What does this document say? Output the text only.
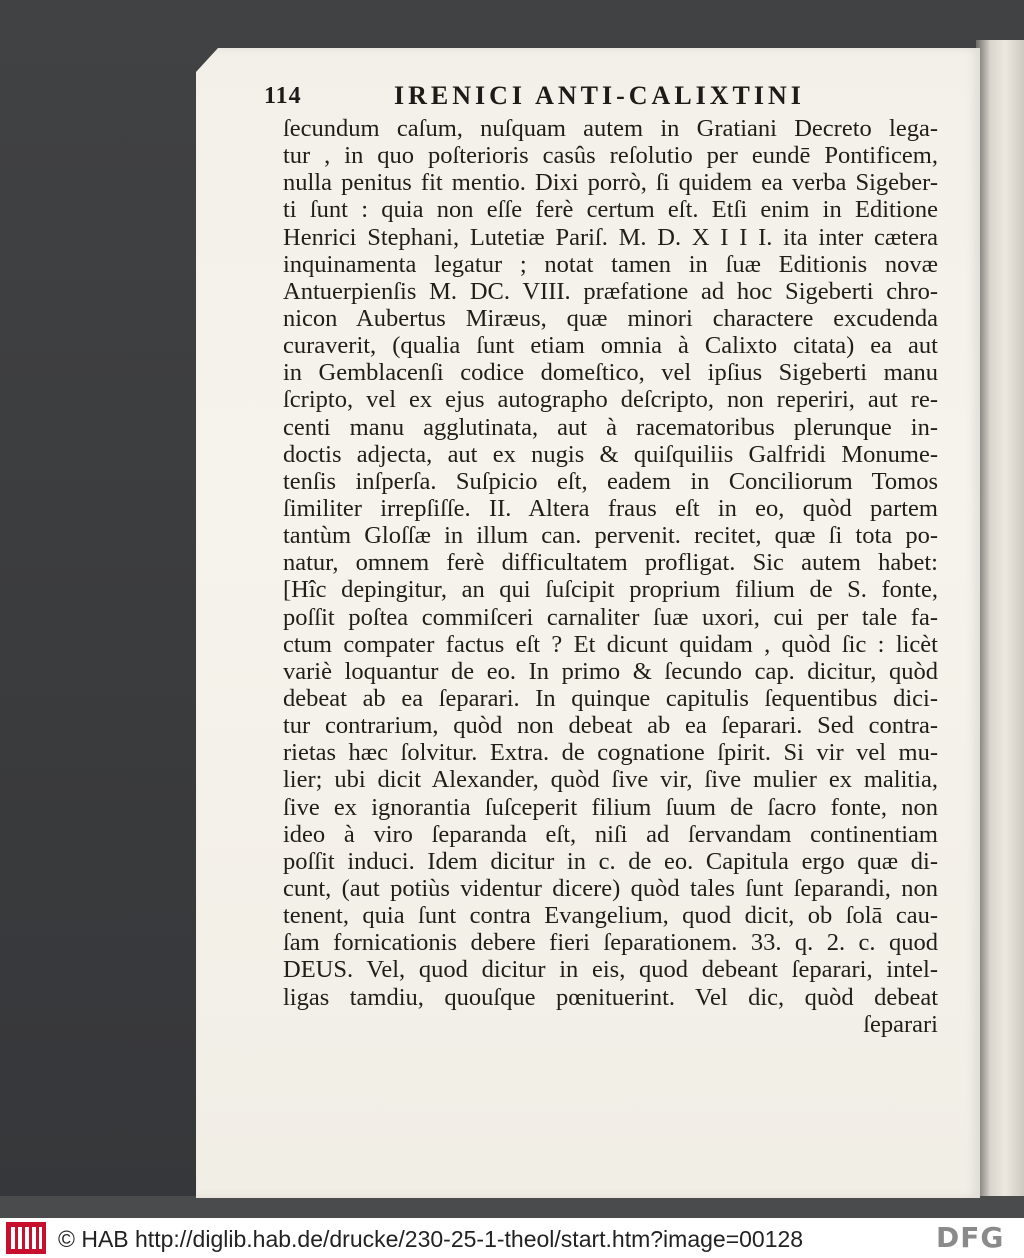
114	IRENICI ANTI-CALIXTINI
ſecundum caſum, nuſquam autem in Gratiani Decreto lega-
tur , in quo poſterioris casûs reſolutio per eundē Pontificem,
nulla penitus fit mentio. Dixi porrò, ſi quidem ea verba Sigeber-
ti ſunt : quia non eſſe ferè certum eſt. Etſi enim in Editione
Henrici Stephani, Lutetiæ Pariſ. M. D. X I I I. ita inter cætera
inquinamenta legatur ; notat tamen in ſuæ Editionis novæ
Antuerpienſis M. DC. VIII. præfatione ad hoc Sigeberti chro-
nicon Aubertus Miræus, quæ minori charactere excudenda
curaverit, (qualia ſunt etiam omnia à Calixto citata) ea aut
in Gemblacenſi codice domeſtico, vel ipſius Sigeberti manu
ſcripto, vel ex ejus autographo deſcripto, non reperiri, aut re-
centi manu agglutinata, aut à racematoribus plerunque in-
doctis adjecta, aut ex nugis & quiſquiliis Galfridi Monume-
tenſis inſperſa. Suſpicio eſt, eadem in Conciliorum Tomos
ſimiliter irrepſiſſe. II. Altera fraus eſt in eo, quòd partem
tantùm Gloſſæ in illum can. pervenit. recitet, quæ ſi tota po-
natur, omnem ferè difficultatem profligat. Sic autem habet:
[Hîc depingitur, an qui ſuſcipit proprium filium de S. fonte,
poſſit poſtea commiſceri carnaliter ſuæ uxori, cui per tale fa-
ctum compater factus eſt ? Et dicunt quidam , quòd ſic : licèt
variè loquantur de eo. In primo & ſecundo cap. dicitur, quòd
debeat ab ea ſeparari. In quinque capitulis ſequentibus dici-
tur contrarium, quòd non debeat ab ea ſeparari. Sed contra-
rietas hæc ſolvitur. Extra. de cognatione ſpirit. Si vir vel mu-
lier; ubi dicit Alexander, quòd ſive vir, ſive mulier ex malitia,
ſive ex ignorantia ſuſceperit filium ſuum de ſacro fonte, non
ideo à viro ſeparanda eſt, niſi ad ſervandam continentiam
poſſit induci. Idem dicitur in c. de eo. Capitula ergo quæ di-
cunt, (aut potiùs videntur dicere) quòd tales ſunt ſeparandi, non
tenent, quia ſunt contra Evangelium, quod dicit, ob ſolā cau-
ſam fornicationis debere fieri ſeparationem. 33. q. 2. c. quod
DEUS. Vel, quod dicitur in eis, quod debeant ſeparari, intel-
ligas tamdiu, quouſque pœnituerint. Vel dic, quòd debeat
ſeparari
© HAB http://diglib.hab.de/drucke/230-25-1-theol/start.htm?image=00128	DFG
